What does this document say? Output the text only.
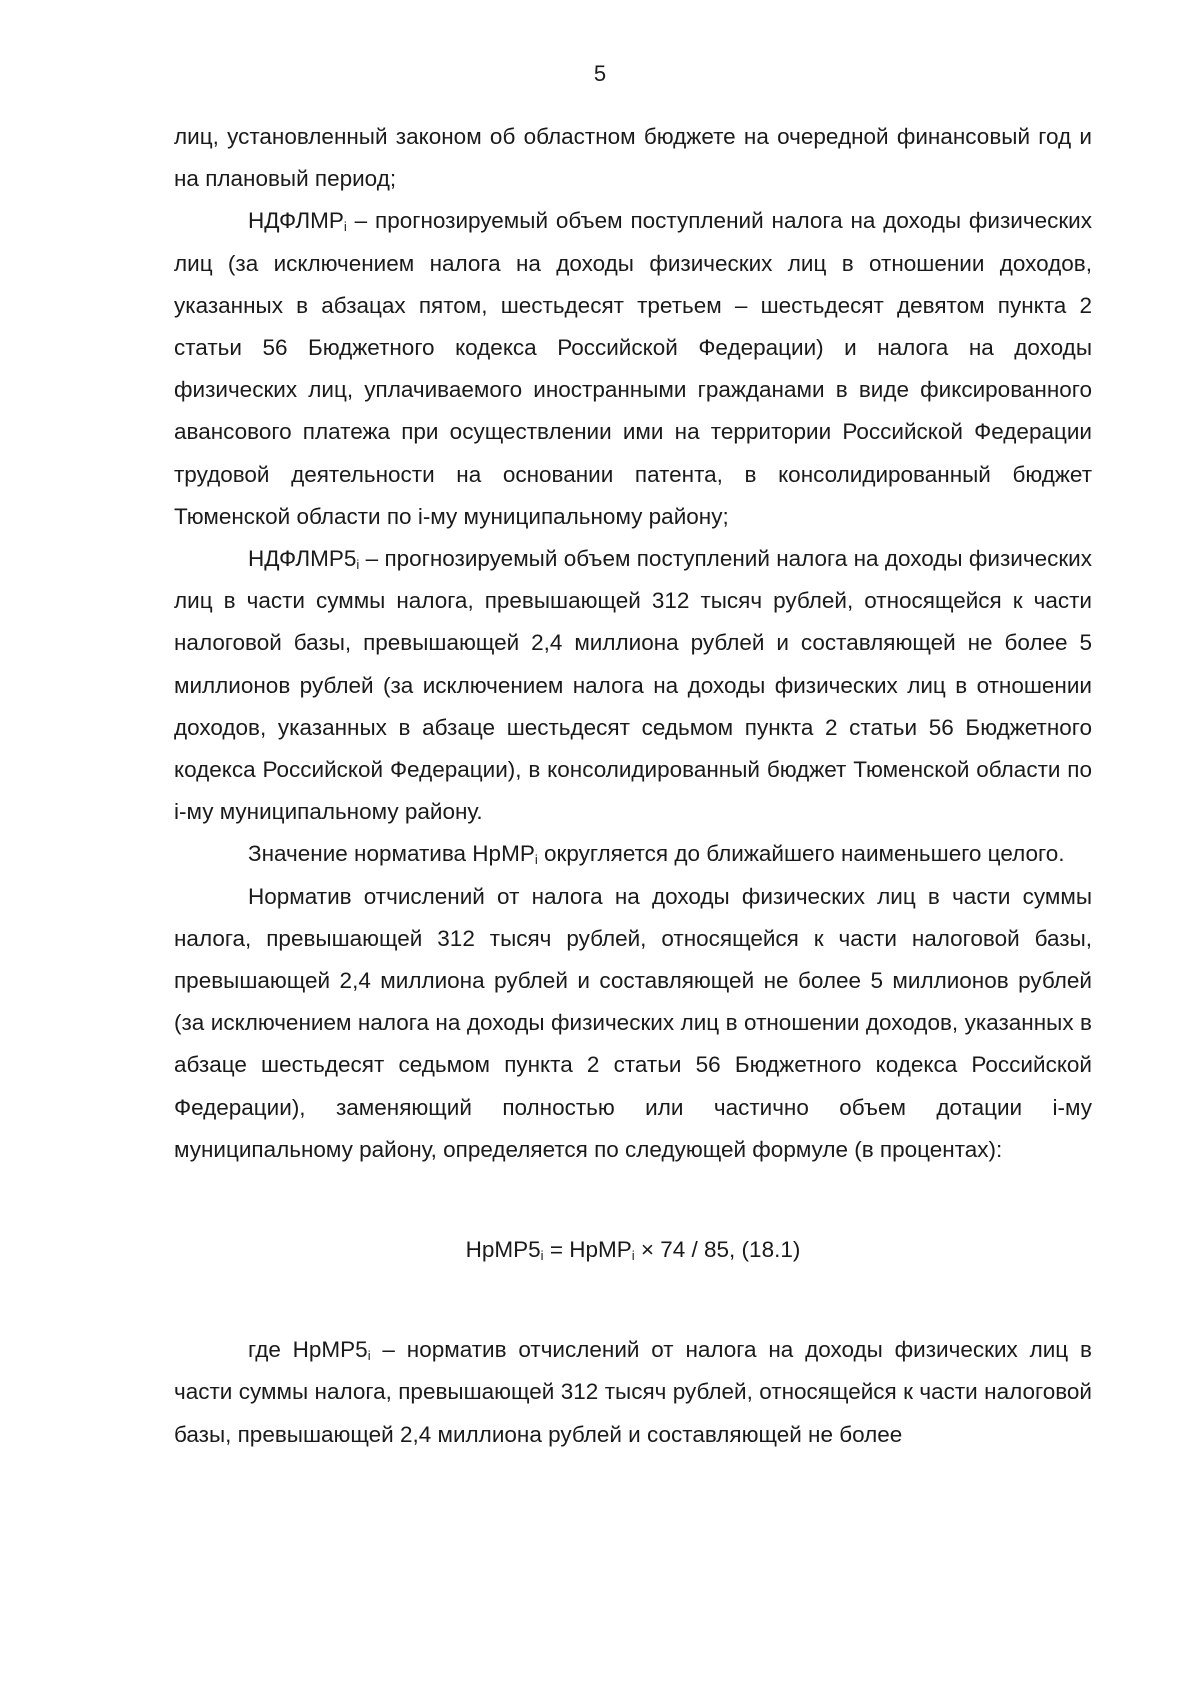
5

лиц, установленный законом об областном бюджете на очередной финансовый год и на плановый период;

$НДФЛМР_i$ – прогнозируемый объем поступлений налога на доходы физических лиц (за исключением налога на доходы физических лиц в отношении доходов, указанных в абзацах пятом, шестьдесят третьем – шестьдесят девятом пункта 2 статьи 56 Бюджетного кодекса Российской Федерации) и налога на доходы физических лиц, уплачиваемого иностранными гражданами в виде фиксированного авансового платежа при осуществлении ими на территории Российской Федерации трудовой деятельности на основании патента, в консолидированный бюджет Тюменской области по i-му муниципальному району;

$НДФЛМР5_i$ – прогнозируемый объем поступлений налога на доходы физических лиц в части суммы налога, превышающей 312 тысяч рублей, относящейся к части налоговой базы, превышающей 2,4 миллиона рублей и составляющей не более 5 миллионов рублей (за исключением налога на доходы физических лиц в отношении доходов, указанных в абзаце шестьдесят седьмом пункта 2 статьи 56 Бюджетного кодекса Российской Федерации), в консолидированный бюджет Тюменской области по i-му муниципальному району.

Значение норматива НрМР$_i$ округляется до ближайшего наименьшего целого.

Норматив отчислений от налога на доходы физических лиц в части суммы налога, превышающей 312 тысяч рублей, относящейся к части налоговой базы, превышающей 2,4 миллиона рублей и составляющей не более 5 миллионов рублей (за исключением налога на доходы физических лиц в отношении доходов, указанных в абзаце шестьдесят седьмом пункта 2 статьи 56 Бюджетного кодекса Российской Федерации), заменяющий полностью или частично объем дотации i-му муниципальному району, определяется по следующей формуле (в процентах):

$НрМР5_i$ = НрМР$_i$ × 74 / 85, (18.1)

где $НрМР5_i$ – норматив отчислений от налога на доходы физических лиц в части суммы налога, превышающей 312 тысяч рублей, относящейся к части налоговой базы, превышающей 2,4 миллиона рублей и составляющей не более
